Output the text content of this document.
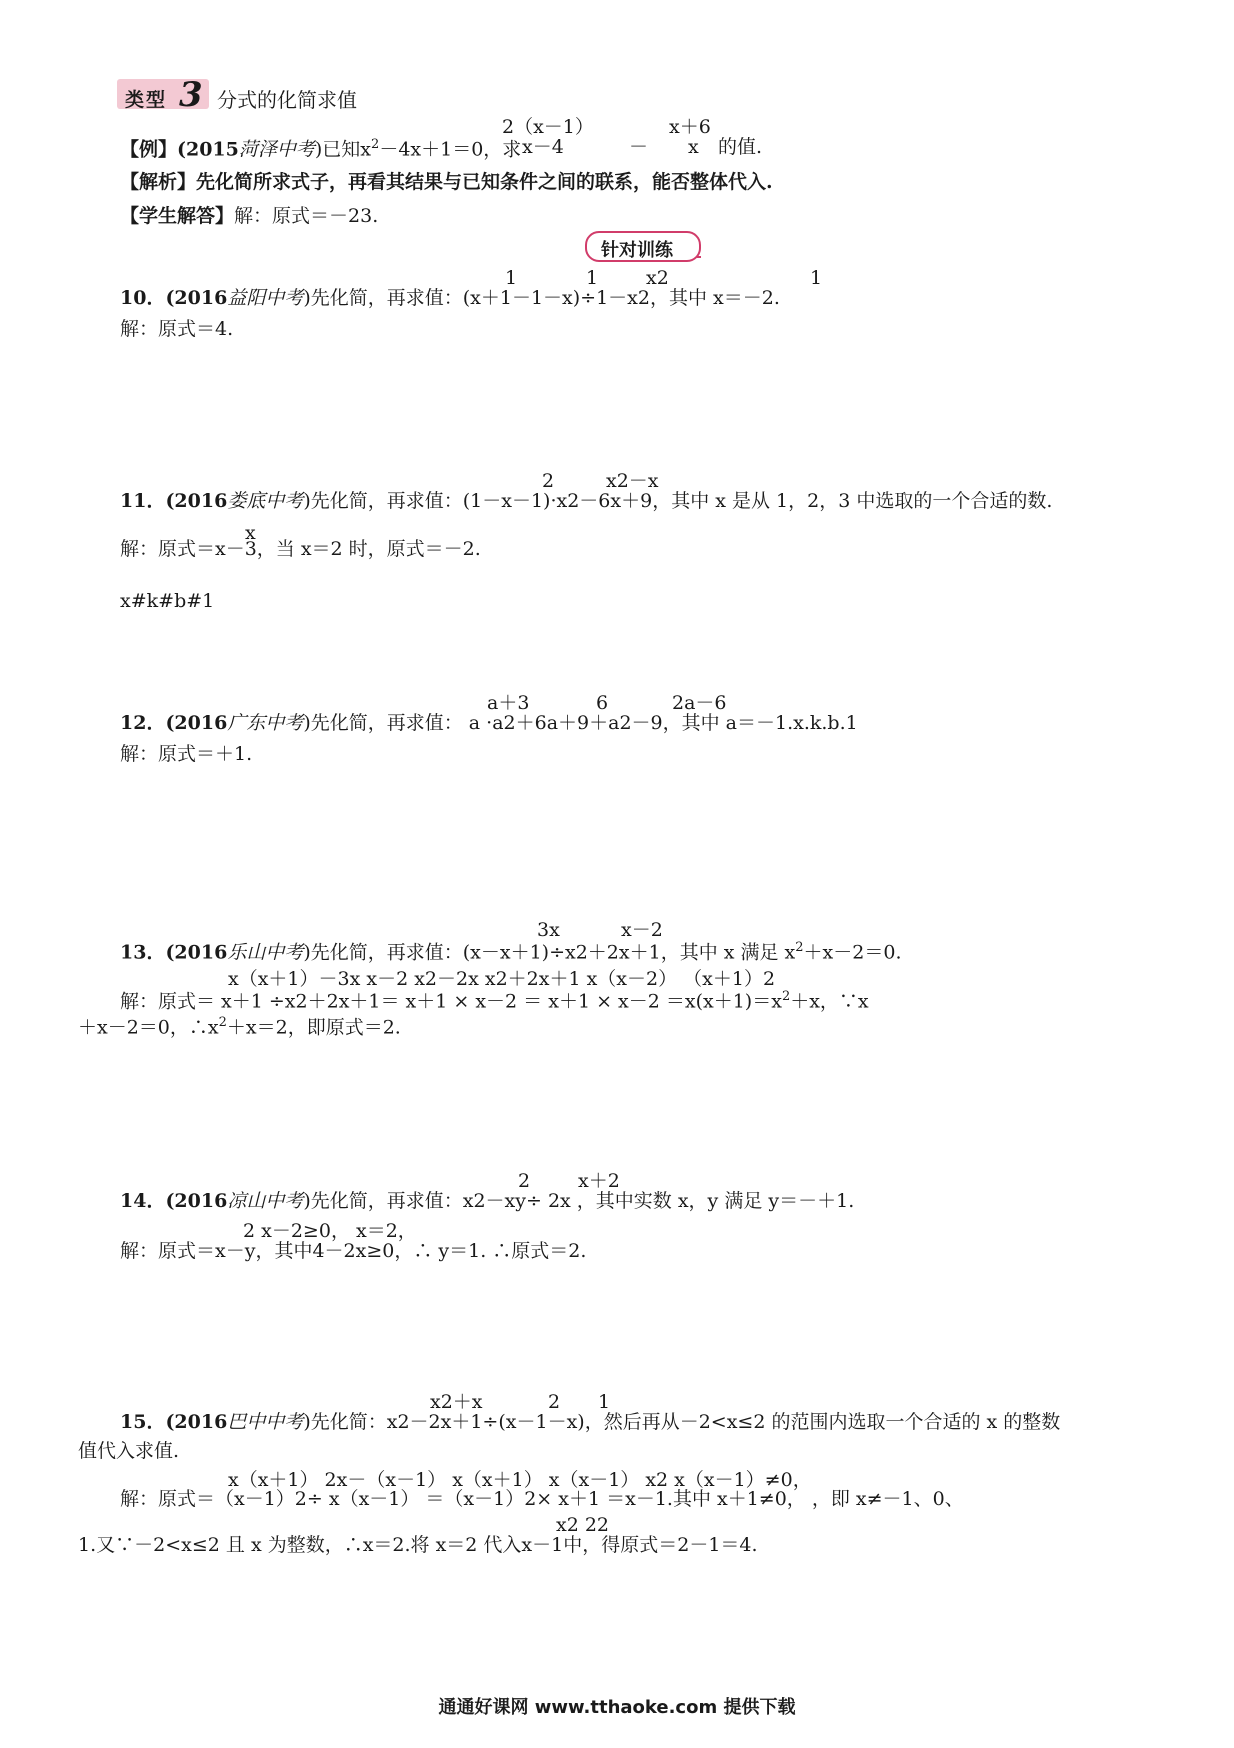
类型 3 分式的化简求值
2（x－1）	x＋6
【例】(2015菏泽中考)已知$x^2-4x+1=0$，求 x－4	－ x 的值.
【解析】先化简所求式子，再看其结果与已知条件之间的联系，能否整体代入.
【学生解答】解：原式＝－23.
针对训练
1	1	x2	1
10．(2016益阳中考)先化简，再求值：(x＋1－1－x)÷1－x2，其中 x＝－2.
解：原式＝4.
2	x2－x
11．(2016娄底中考)先化简，再求值：(1－x－1)·x2－6x＋9，其中 x 是从 1，2，3 中选取的一个合适的数.
x
解：原式＝x－3，当 x＝2 时，原式＝－2.
x#k#b#1
a＋3	6	2a－6
12．(2016广东中考)先化简，再求值： a ·a2＋6a＋9＋a2－9，其中 a＝－1.x.k.b.1
解：原式＝＋1.
3x	x－2
13．(2016乐山中考)先化简，再求值：(x－x＋1)÷x2＋2x＋1，其中 x 满足 $x^2+x-2=0$.
x（x＋1）－3x x－2 x2－2x x2＋2x＋1 x（x－2） （x＋1）2
解：原式＝ $x+1 \div x2+2x+1= x+1 \times x-2 = x+1 \times x-2 =x(x+1)=x^2+x$，∵x
＋x－2＝0，$\therefore x^2+x=2$，即原式＝2.
2	x＋2
14．(2016凉山中考)先化简，再求值：x2－xy÷ 2x ，其中实数 x，y 满足 y＝－＋1.
2 x－2≥0， x＝2，
解：原式＝x－y，其中4－2x≥0，∴ y＝1. ∴原式＝2.
x2＋x	2 1
15．(2016巴中中考)先化简：x2－2x＋1÷(x－1－x)，然后再从－2<x≤2 的范围内选取一个合适的 x 的整数
值代入求值.
x（x＋1） 2x－（x－1） x（x＋1） x（x－1） x2 x（x－1）≠0，
解：原式＝（x－1）2÷ x（x－1） ＝（x－1）2× x＋1 ＝x－1.其中 x＋1≠0， ，即 x≠－1、0、
x2 22
1.又∵－2<x≤2 且 x 为整数，∴x＝2.将 x＝2 代入x－1中，得原式＝2－1＝4.
通通好课网 www.tthaoke.com 提供下载
